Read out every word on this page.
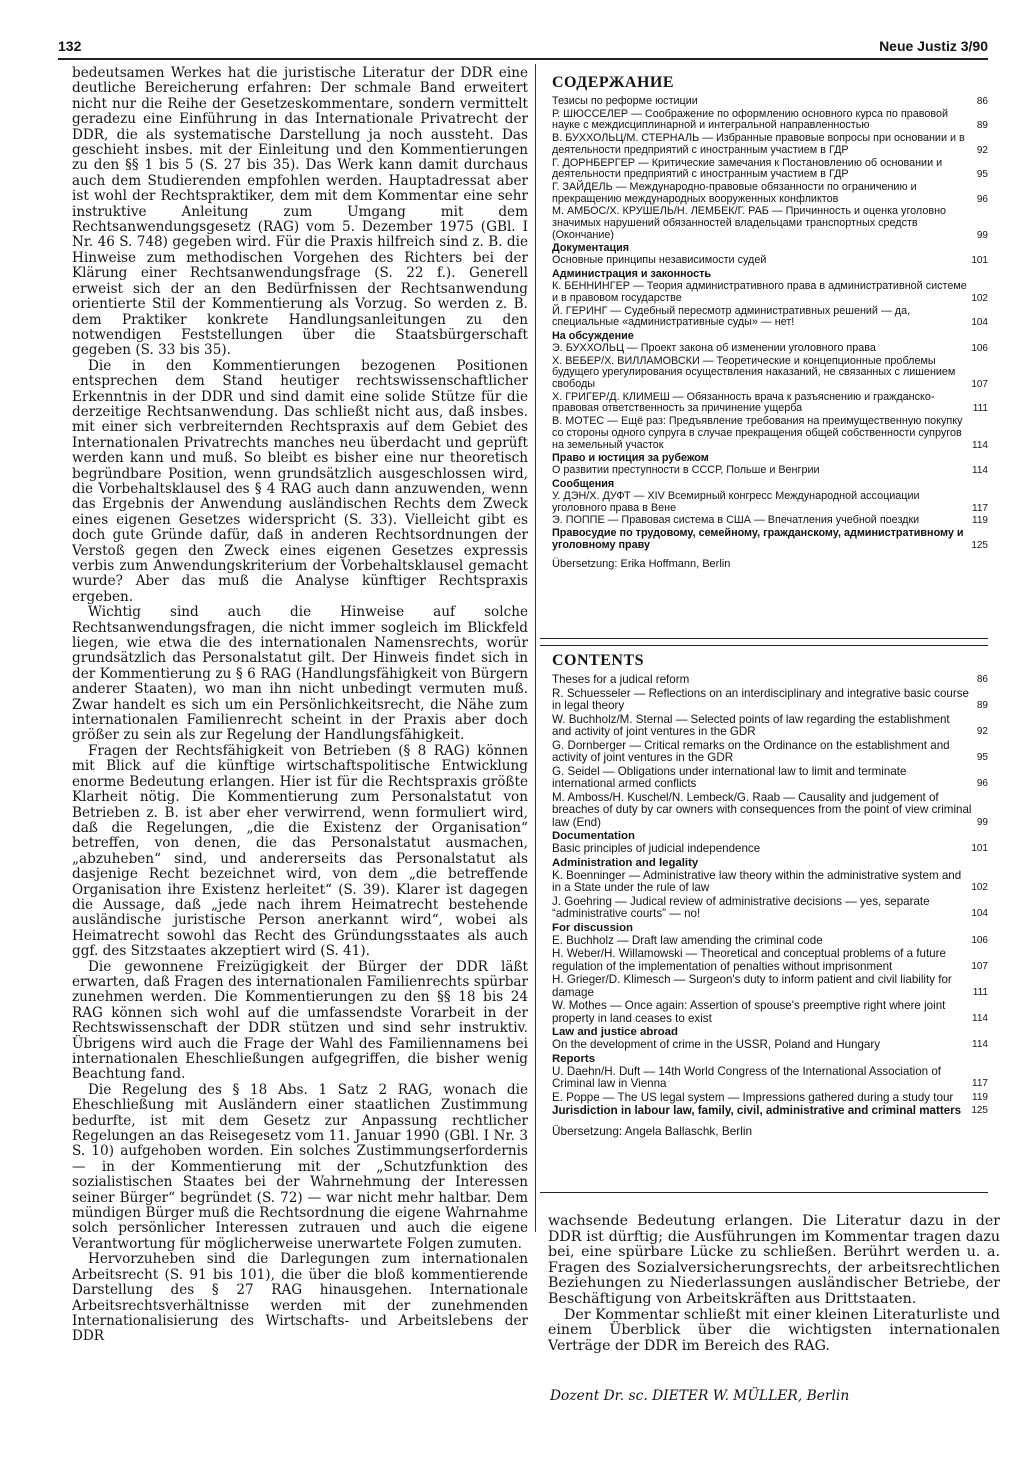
132	Neue Justiz 3/90

bedeutsamen Werkes hat die juristische Literatur der DDR eine deutliche Bereicherung erfahren: Der schmale Band erweitert nicht nur die Reihe der Gesetzeskommentare, sondern vermittelt geradezu eine Einführung in das Internationale Privatrecht der DDR, die als systematische Darstellung ja noch aussteht. Das geschieht insbes. mit der Einleitung und den Kommentierungen zu den §§ 1 bis 5 (S. 27 bis 35). Das Werk kann damit durchaus auch dem Studierenden empfohlen werden. Hauptadressat aber ist wohl der Rechtspraktiker, dem mit dem Kommentar eine sehr instruktive Anleitung zum Umgang mit dem Rechtsanwendungsgesetz (RAG) vom 5. Dezember 1975 (GBl. I Nr. 46 S. 748) gegeben wird. Für die Praxis hilfreich sind z. B. die Hinweise zum methodischen Vorgehen des Richters bei der Klärung einer Rechtsanwendungsfrage (S. 22 f.). Generell erweist sich der an den Bedürfnissen der Rechtsanwendung orientierte Stil der Kommentierung als Vorzug. So werden z. B. dem Praktiker konkrete Handlungsanleitungen zu den notwendigen Feststellungen über die Staatsbürgerschaft gegeben (S. 33 bis 35).

Die in den Kommentierungen bezogenen Positionen entsprechen dem Stand heutiger rechtswissenschaftlicher Erkenntnis in der DDR und sind damit eine solide Stütze für die derzeitige Rechtsanwendung. Das schließt nicht aus, daß insbes. mit einer sich verbreiternden Rechtspraxis auf dem Gebiet des Internationalen Privatrechts manches neu überdacht und geprüft werden kann und muß. So bleibt es bisher eine nur theoretisch begründbare Position, wenn grundsätzlich ausgeschlossen wird, die Vorbehaltsklausel des § 4 RAG auch dann anzuwenden, wenn das Ergebnis der Anwendung ausländischen Rechts dem Zweck eines eigenen Gesetzes widerspricht (S. 33). Vielleicht gibt es doch gute Gründe dafür, daß in anderen Rechtsordnungen der Verstoß gegen den Zweck eines eigenen Gesetzes expressis verbis zum Anwendungskriterium der Vorbehaltsklausel gemacht wurde? Aber das muß die Analyse künftiger Rechtspraxis ergeben.

Wichtig sind auch die Hinweise auf solche Rechtsanwendungsfragen, die nicht immer sogleich im Blickfeld liegen, wie etwa die des internationalen Namensrechts, worür grundsätzlich das Personalstatut gilt. Der Hinweis findet sich in der Kommentierung zu § 6 RAG (Handlungsfähigkeit von Bürgern anderer Staaten), wo man ihn nicht unbedingt vermuten muß. Zwar handelt es sich um ein Persönlichkeitsrecht, die Nähe zum internationalen Familienrecht scheint in der Praxis aber doch größer zu sein als zur Regelung der Handlungsfähigkeit.

Fragen der Rechtsfähigkeit von Betrieben (§ 8 RAG) können mit Blick auf die künftige wirtschaftspolitische Entwicklung enorme Bedeutung erlangen. Hier ist für die Rechtspraxis größte Klarheit nötig. Die Kommentierung zum Personalstatut von Betrieben z. B. ist aber eher verwirrend, wenn formuliert wird, daß die Regelungen, „die die Existenz der Organisation“ betreffen, von denen, die das Personalstatut ausmachen, „abzuheben“ sind, und andererseits das Personalstatut als dasjenige Recht bezeichnet wird, von dem „die betreffende Organisation ihre Existenz herleitet“ (S. 39). Klarer ist dagegen die Aussage, daß „jede nach ihrem Heimatrecht bestehende ausländische juristische Person anerkannt wird“, wobei als Heimatrecht sowohl das Recht des Gründungsstaates als auch ggf. des Sitzstaates akzeptiert wird (S. 41).

Die gewonnene Freizügigkeit der Bürger der DDR läßt erwarten, daß Fragen des internationalen Familienrechts spürbar zunehmen werden. Die Kommentierungen zu den §§ 18 bis 24 RAG können sich wohl auf die umfassendste Vorarbeit in der Rechtswissenschaft der DDR stützen und sind sehr instruktiv. Übrigens wird auch die Frage der Wahl des Familiennamens bei internationalen Eheschließungen aufgegriffen, die bisher wenig Beachtung fand.

Die Regelung des § 18 Abs. 1 Satz 2 RAG, wonach die Eheschließung mit Ausländern einer staatlichen Zustimmung bedurfte, ist mit dem Gesetz zur Anpassung rechtlicher Regelungen an das Reisegesetz vom 11. Januar 1990 (GBl. I Nr. 3 S. 10) aufgehoben worden. Ein solches Zustimmungserfordernis — in der Kommentierung mit der „Schutzfunktion des sozialistischen Staates bei der Wahrnehmung der Interessen seiner Bürger“ begründet (S. 72) — war nicht mehr haltbar. Dem mündigen Bürger muß die Rechtsordnung die eigene Wahrnahme solch persönlicher Interessen zutrauen und auch die eigene Verantwortung für möglicherweise unerwartete Folgen zumuten.

Hervorzuheben sind die Darlegungen zum internationalen Arbeitsrecht (S. 91 bis 101), die über die bloß kommentierende Darstellung des § 27 RAG hinausgehen. Internationale Arbeitsrechtsverhältnisse werden mit der zunehmenden Internationalisierung des Wirtschafts- und Arbeitslebens der DDR

СОДЕРЖАНИЕ
Тезисы по реформе юстиции	86
Р. ШЮССЕЛЕР — Соображение по оформлению основного курса по правовой науке с междисциплинарной и интегральной направленностью	89
В. БУХХОЛЬЦ/М. СТЕРНАЛЬ — Избранные правовые вопросы при основании и в деятельности предприятий с иностранным участием в ГДР	92
Г. ДОРНБЕРГЕР — Критические замечания к Постановлению об основании и деятельности предприятий с иностранным участием в ГДР	95
Г. ЗАЙДЕЛЬ — Международно-правовые обязанности по ограничению и прекращению международных вооруженных конфликтов	96
М. АМБОС/Х. КРУШЕЛЬ/Н. ЛЕМБЕК/Г. РАБ — Причинность и оценка уголовно значимых нарушений обязанностей владельцами транспортных средств (Окончание)	99
Документация
Основные принципы независимости судей	101
Администрация и законность
К. БЕННИНГЕР — Теория административного права в административной системе и в правовом государстве	102
Й. ГЕРИНГ — Судебный пересмотр административных решений — да, специальные «административные суды» — нет!	104
На обсуждение
Э. БУХХОЛЬЦ — Проект закона об изменении уголовного права	106
Х. ВЕБЕР/Х. ВИЛЛАМОВСКИ — Теоретические и концепционные проблемы будущего урегулирования осуществления наказаний, не связанных с лишением свободы	107
Х. ГРИГЕР/Д. КЛИМЕШ — Обязанность врача к разъяснению и гражданско-правовая ответственность за причинение ущерба	111
В. МОТЕС — Ещё раз: Предъявление требования на преимущественную покупку со стороны одного супруга в случае прекращения общей собственности супругов на земельный участок	114
Право и юстиция за рубежом
О развитии преступности в СССР, Польше и Венгрии	114
Сообщения
У. ДЭН/Х. ДУФТ — XIV Всемирный конгресс Международной ассоциации уголовного права в Вене	117
Э. ПОППЕ — Правовая система в США — Впечатления учебной поездки	119
Правосудие по трудовому, семейному, гражданскому, административному и уголовному праву	125
Übersetzung: Erika Hoffmann, Berlin
CONTENTS
Theses for a judical reform	86
R. Schuesseler — Reflections on an interdisciplinary and integrative basic course in legal theory	89
W. Buchholz/M. Sternal — Selected points of law regarding the establishment and activity of joint ventures in the GDR	92
G. Dornberger — Critical remarks on the Ordinance on the establishment and activity of joint ventures in the GDR	95
G. Seidel — Obligations under international law to limit and terminate international armed conflicts	96
M. Amboss/H. Kuschel/N. Lembeck/G. Raab — Causality and judgement of breaches of duty by car owners with consequences from the point of view criminal law (End)	99
Documentation
Basic principles of judicial independence	101
Administration and legality
K. Boenninger — Administrative law theory within the administrative system and in a State under the rule of law	102
J. Goehring — Judical review of administrative decisions — yes, separate “administrative courts” — no!	104
For discussion
E. Buchholz — Draft law amending the criminal code	106
H. Weber/H. Willamowski — Theoretical and conceptual problems of a future regulation of the implementation of penalties without imprisonment	107
H. Grieger/D. Klimesch — Surgeon's duty to inform patient and civil liability for damage	111
W. Mothes — Once again: Assertion of spouse's preemptive right where joint property in land ceases to exist	114
Law and justice abroad
On the development of crime in the USSR, Poland and Hungary	114
Reports
U. Daehn/H. Duft — 14th World Congress of the International Association of Criminal law in Vienna	117
E. Poppe — The US legal system — Impressions gathered during a study tour	119
Jurisdiction in labour law, family, civil, administrative and criminal matters	125
Übersetzung: Angela Ballaschk, Berlin

wachsende Bedeutung erlangen. Die Literatur dazu in der DDR ist dürftig; die Ausführungen im Kommentar tragen dazu bei, eine spürbare Lücke zu schließen. Berührt werden u. a. Fragen des Sozialversicherungsrechts, der arbeitsrechtlichen Beziehungen zu Niederlassungen ausländischer Betriebe, der Beschäftigung von Arbeitskräften aus Drittstaaten.

Der Kommentar schließt mit einer kleinen Literaturliste und einem Überblick über die wichtigsten internationalen Verträge der DDR im Bereich des RAG.

Dozent Dr. sc. DIETER W. MÜLLER, Berlin
